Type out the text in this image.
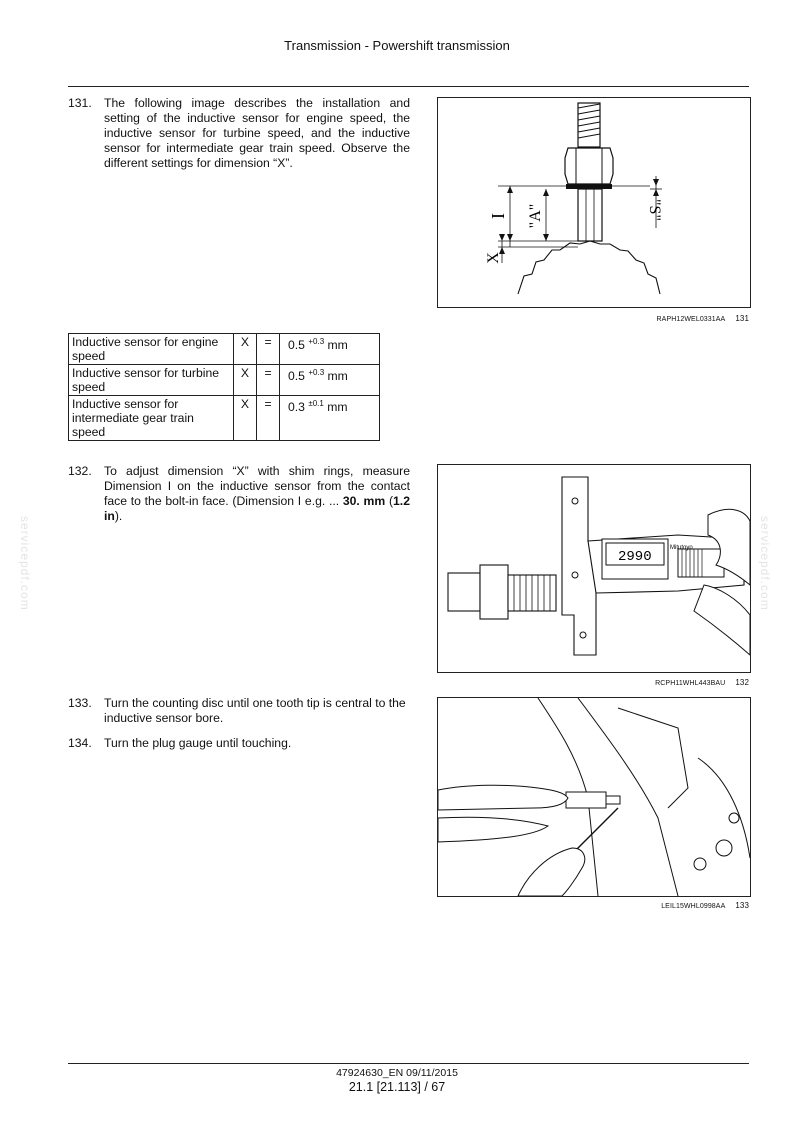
Transmission - Powershift transmission
servicepdf.com	servicepdf.com
131. The following image describes the installation and setting of the inductive sensor for engine speed, the inductive sensor for turbine speed, and the inductive sensor for intermediate gear train speed. Observe the different settings for dimension “X”.
I "A"	"S"
X
RAPH12WEL0331AA 131
Inductive sensor for engine speed	X	=	0.5 $^{+0.3}$ mm
Inductive sensor for turbine speed	X	=	0.5 $^{+0.3}$ mm
Inductive sensor for intermediate gear train speed	X	=	0.3 $^{\pm 0.1}$ mm
132. To adjust dimension “X” with shim rings, measure Dimension I on the inductive sensor from the contact face to the bolt-in face. (Dimension I e.g. ... 30. mm (1.2 in).
2990
Mitutoyo
RCPH11WHL443BAU 132
133. Turn the counting disc until one tooth tip is central to the inductive sensor bore.
134. Turn the plug gauge until touching.
LEIL15WHL0998AA 133
47924630_EN 09/11/2015
21.1 [21.113] / 67
